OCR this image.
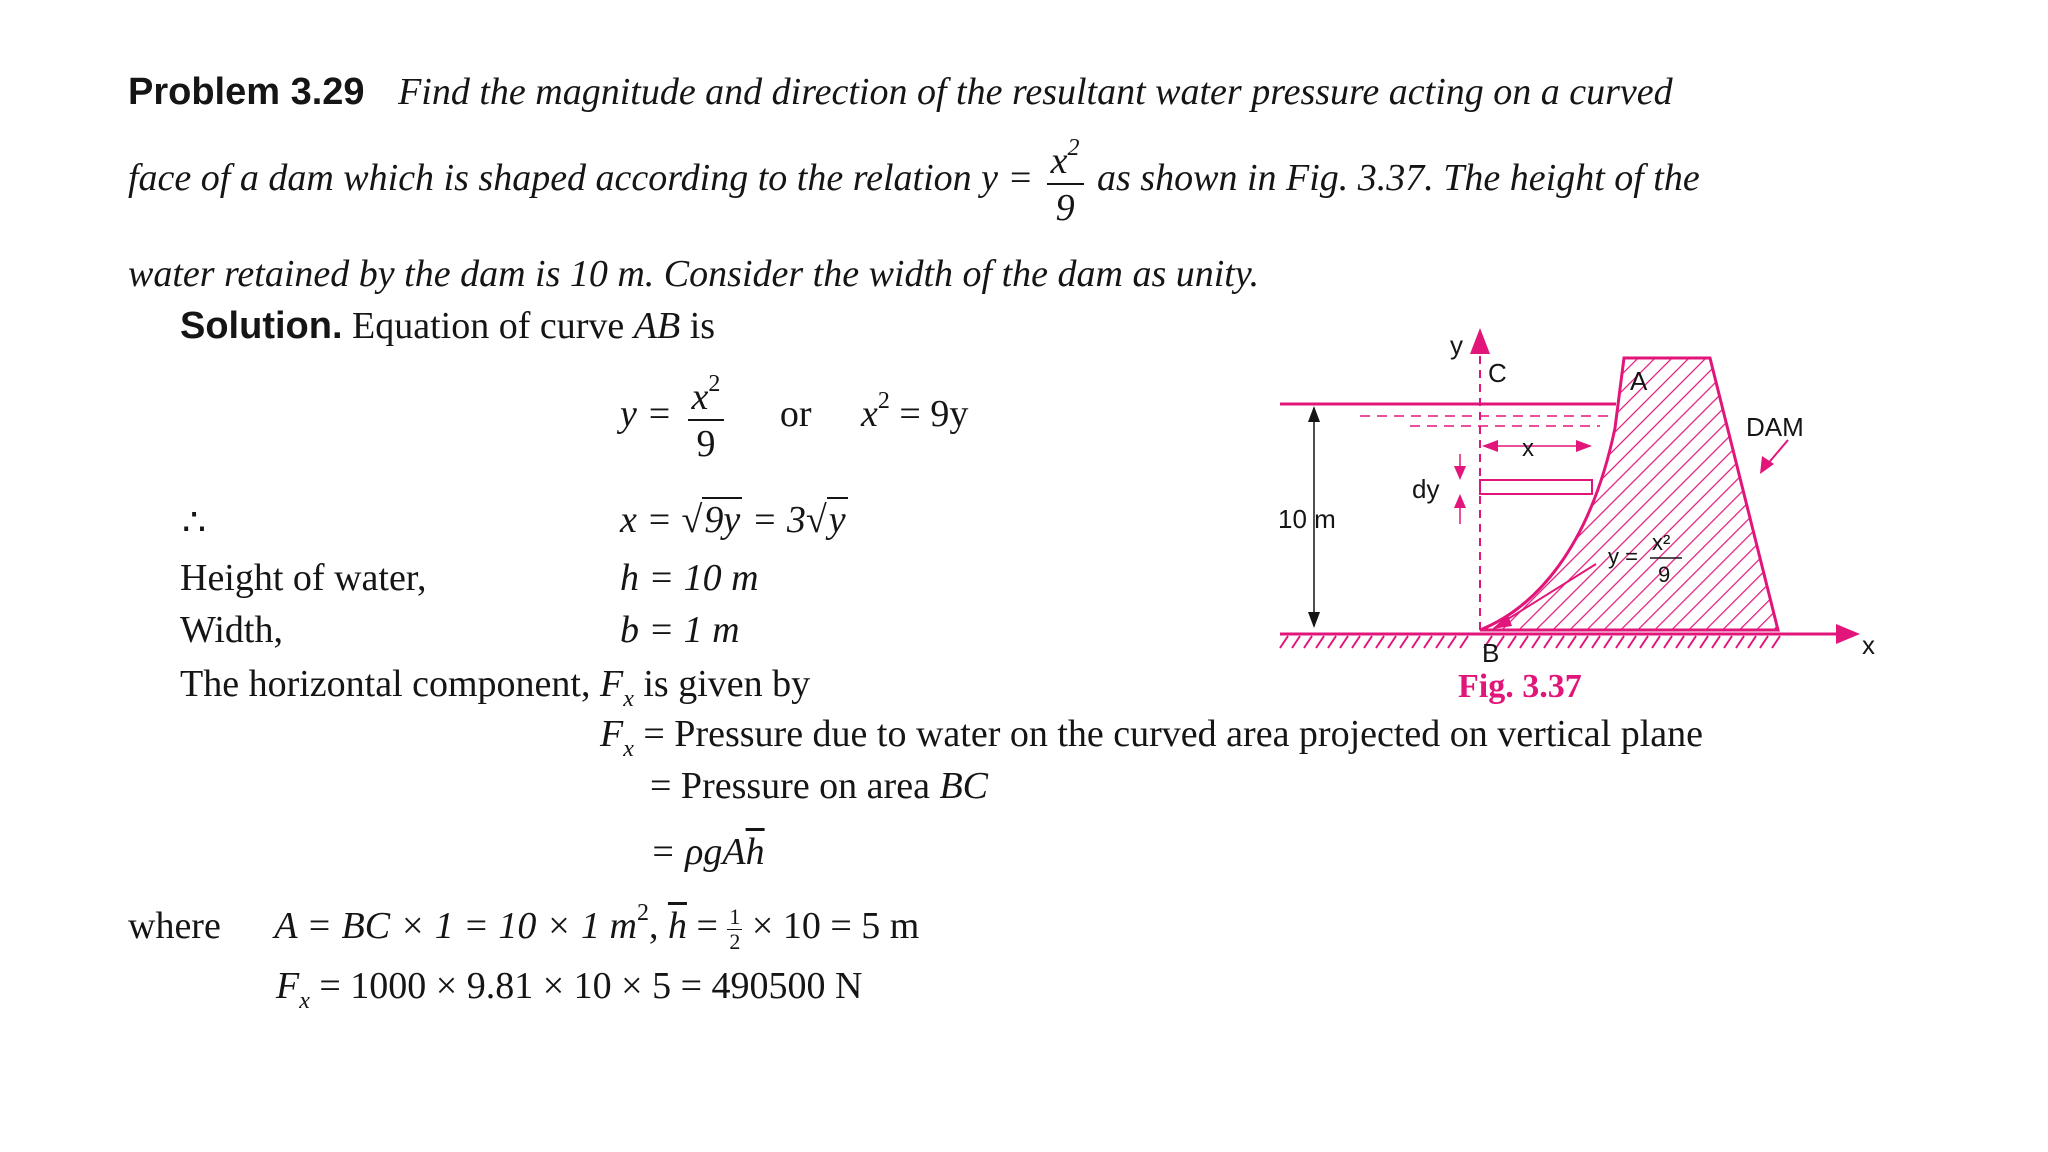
Problem 3.29 Find the magnitude and direction of the resultant water pressure acting on a curved
face of a dam which is shaped according to the relation $y = \frac{x^2}{9}$ as shown in Fig. 3.37. The height of the
water retained by the dam is 10 m. Consider the width of the dam as unity.
Solution. Equation of curve AB is
$y = \frac{x^2}{9}$ or $x^2 = 9y$
∴	x = √9y = 3√y
Height of water,	h = 10 m
Width,	b = 1 m
The horizontal component, $F_x$ is given by
$F_x$ = Pressure due to water on the curved area projected on vertical plane
= Pressure on area BC
= $\rho gA\overline{h}$
where A = BC × 1 = 10 × 1 $m^2$, $\overline{h} = \frac{1}{2} \times 10 = 5$ m
$F_x = 1000 \times 9.81 \times 10 \times 5 = 490500$ N
y
C	A
DAM
10 m
dy
x
y =
x²
9
B	x
Fig. 3.37
